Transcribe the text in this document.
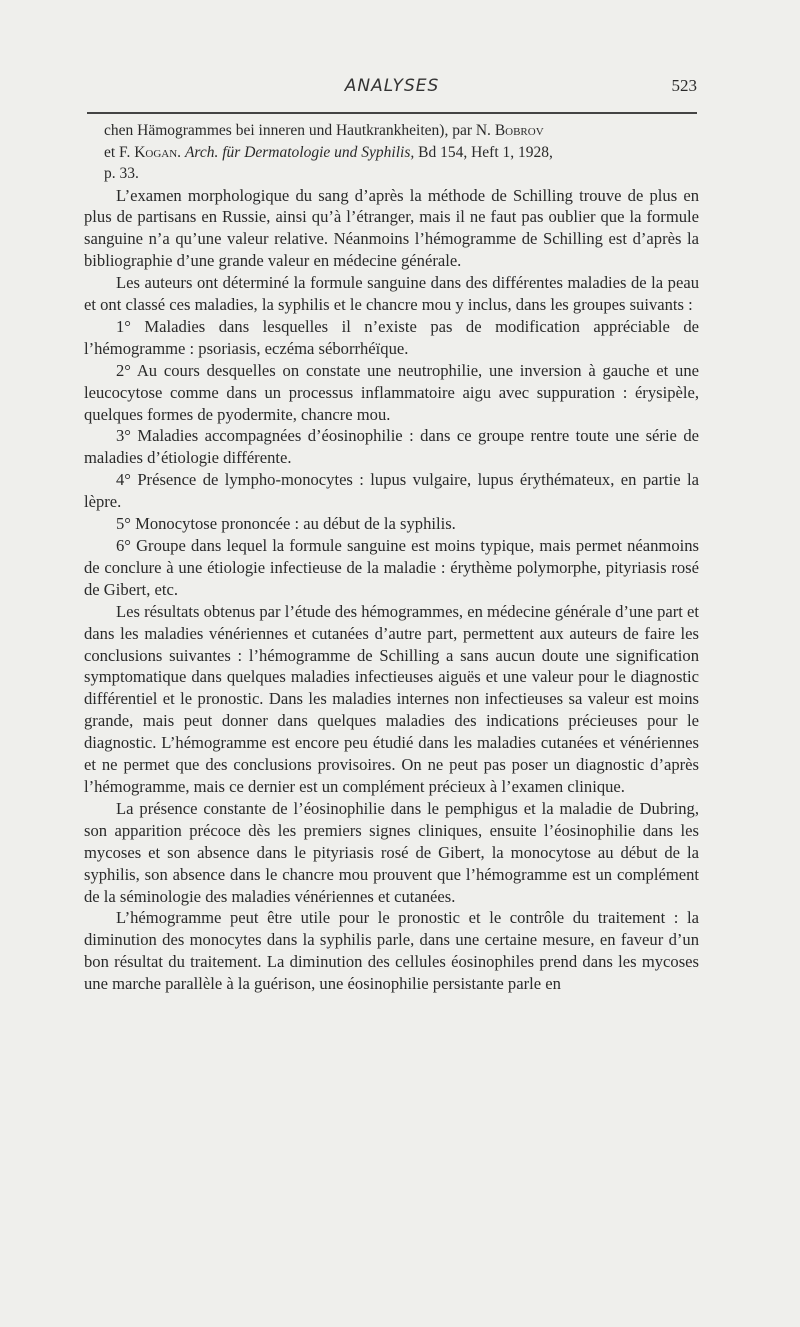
ANALYSES	523

chen Hämogrammes bei inneren und Hautkrankheiten), par N. Bobrov
et F. Kogan. Arch. für Dermatologie und Syphilis, Bd 154, Heft 1, 1928,
p. 33.

L’examen morphologique du sang d’après la méthode de Schilling trouve de plus en plus de partisans en Russie, ainsi qu’à l’étranger, mais il ne faut pas oublier que la formule sanguine n’a qu’une valeur relative. Néanmoins l’hémogramme de Schilling est d’après la bibliographie d’une grande valeur en médecine générale.

Les auteurs ont déterminé la formule sanguine dans des différentes maladies de la peau et ont classé ces maladies, la syphilis et le chancre mou y inclus, dans les groupes suivants :

1° Maladies dans lesquelles il n’existe pas de modification appréciable de l’hémogramme : psoriasis, eczéma séborrhéïque.

2° Au cours desquelles on constate une neutrophilie, une inversion à gauche et une leucocytose comme dans un processus inflammatoire aigu avec suppuration : érysipèle, quelques formes de pyodermite, chancre mou.

3° Maladies accompagnées d’éosinophilie : dans ce groupe rentre toute une série de maladies d’étiologie différente.

4° Présence de lympho-monocytes : lupus vulgaire, lupus érythémateux, en partie la lèpre.

5° Monocytose prononcée : au début de la syphilis.

6° Groupe dans lequel la formule sanguine est moins typique, mais permet néanmoins de conclure à une étiologie infectieuse de la maladie : érythème polymorphe, pityriasis rosé de Gibert, etc.

Les résultats obtenus par l’étude des hémogrammes, en médecine générale d’une part et dans les maladies vénériennes et cutanées d’autre part, permettent aux auteurs de faire les conclusions suivantes : l’hémogramme de Schilling a sans aucun doute une signification symptomatique dans quelques maladies infectieuses aiguës et une valeur pour le diagnostic différentiel et le pronostic. Dans les maladies internes non infectieuses sa valeur est moins grande, mais peut donner dans quelques maladies des indications précieuses pour le diagnostic. L’hémogramme est encore peu étudié dans les maladies cutanées et vénériennes et ne permet que des conclusions provisoires. On ne peut pas poser un diagnostic d’après l’hémogramme, mais ce dernier est un complément précieux à l’examen clinique.

La présence constante de l’éosinophilie dans le pemphigus et la maladie de Dubring, son apparition précoce dès les premiers signes cliniques, ensuite l’éosinophilie dans les mycoses et son absence dans le pityriasis rosé de Gibert, la monocytose au début de la syphilis, son absence dans le chancre mou prouvent que l’hémogramme est un complément de la séminologie des maladies vénériennes et cutanées.

L’hémogramme peut être utile pour le pronostic et le contrôle du traitement : la diminution des monocytes dans la syphilis parle, dans une certaine mesure, en faveur d’un bon résultat du traitement. La diminution des cellules éosinophiles prend dans les mycoses une marche parallèle à la guérison, une éosinophilie persistante parle en
